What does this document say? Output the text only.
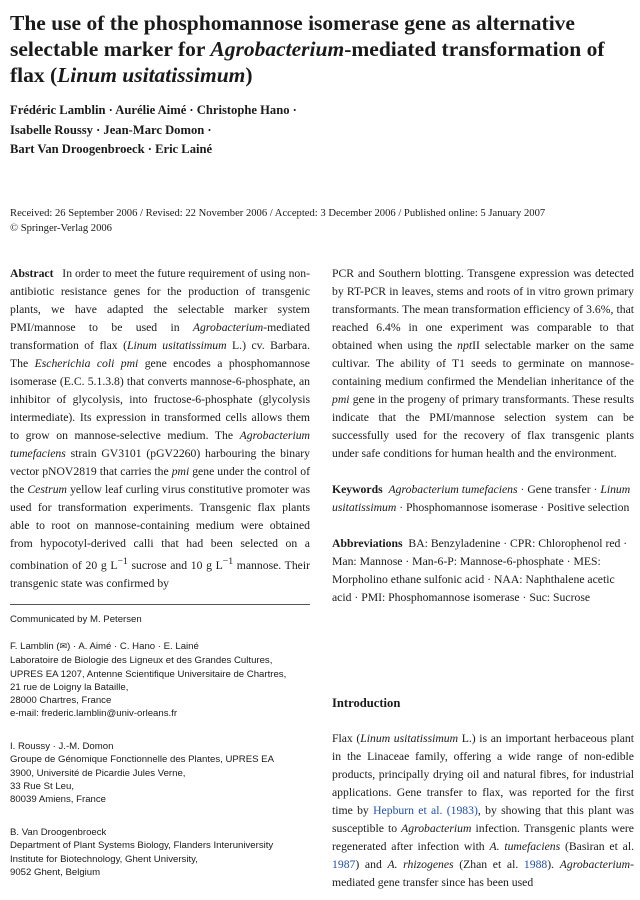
The use of the phosphomannose isomerase gene as alternative selectable marker for Agrobacterium-mediated transformation of flax (Linum usitatissimum)
Frédéric Lamblin · Aurélie Aimé · Christophe Hano ·
Isabelle Roussy · Jean-Marc Domon ·
Bart Van Droogenbroeck · Eric Lainé
Received: 26 September 2006 / Revised: 22 November 2006 / Accepted: 3 December 2006 / Published online: 5 January 2007
© Springer-Verlag 2006
Abstract In order to meet the future requirement of using non-antibiotic resistance genes for the production of transgenic plants, we have adapted the selectable marker system PMI/mannose to be used in Agrobacterium-mediated transformation of flax (Linum usitatissimum L.) cv. Barbara. The Escherichia coli pmi gene encodes a phosphomannose isomerase (E.C. 5.1.3.8) that converts mannose-6-phosphate, an inhibitor of glycolysis, into fructose-6-phosphate (glycolysis intermediate). Its expression in transformed cells allows them to grow on mannose-selective medium. The Agrobacterium tumefaciens strain GV3101 (pGV2260) harbouring the binary vector pNOV2819 that carries the pmi gene under the control of the Cestrum yellow leaf curling virus constitutive promoter was used for transformation experiments. Transgenic flax plants able to root on mannose-containing medium were obtained from hypocotyl-derived calli that had been selected on a combination of 20 g $L^{-1}$ sucrose and 10 g $L^{-1}$ mannose. Their transgenic state was confirmed by
Communicated by M. Petersen
F. Lamblin (✉) · A. Aimé · C. Hano · E. Lainé
Laboratoire de Biologie des Ligneux et des Grandes Cultures,
UPRES EA 1207, Antenne Scientifique Universitaire de Chartres,
21 rue de Loigny la Bataille,
28000 Chartres, France
e-mail: frederic.lamblin@univ-orleans.fr
I. Roussy · J.-M. Domon
Groupe de Génomique Fonctionnelle des Plantes, UPRES EA
3900, Université de Picardie Jules Verne,
33 Rue St Leu,
80039 Amiens, France
B. Van Droogenbroeck
Department of Plant Systems Biology, Flanders Interuniversity
Institute for Biotechnology, Ghent University,
9052 Ghent, Belgium
PCR and Southern blotting. Transgene expression was detected by RT-PCR in leaves, stems and roots of in vitro grown primary transformants. The mean transformation efficiency of 3.6%, that reached 6.4% in one experiment was comparable to that obtained when using the nptII selectable marker on the same cultivar. The ability of T1 seeds to germinate on mannose-containing medium confirmed the Mendelian inheritance of the pmi gene in the progeny of primary transformants. These results indicate that the PMI/mannose selection system can be successfully used for the recovery of flax transgenic plants under safe conditions for human health and the environment.
Keywords Agrobacterium tumefaciens · Gene transfer · Linum usitatissimum · Phosphomannose isomerase · Positive selection
Abbreviations BA: Benzyladenine · CPR: Chlorophenol red · Man: Mannose · Man-6-P: Mannose-6-phosphate · MES: Morpholino ethane sulfonic acid · NAA: Naphthalene acetic acid · PMI: Phosphomannose isomerase · Suc: Sucrose
Introduction
Flax (Linum usitatissimum L.) is an important herbaceous plant in the Linaceae family, offering a wide range of non-edible products, principally drying oil and natural fibres, for industrial applications. Gene transfer to flax, was reported for the first time by Hepburn et al. (1983), by showing that this plant was susceptible to Agrobacterium infection. Transgenic plants were regenerated after infection with A. tumefaciens (Basiran et al. 1987) and A. rhizogenes (Zhan et al. 1988). Agrobacterium-mediated gene transfer since has been used
